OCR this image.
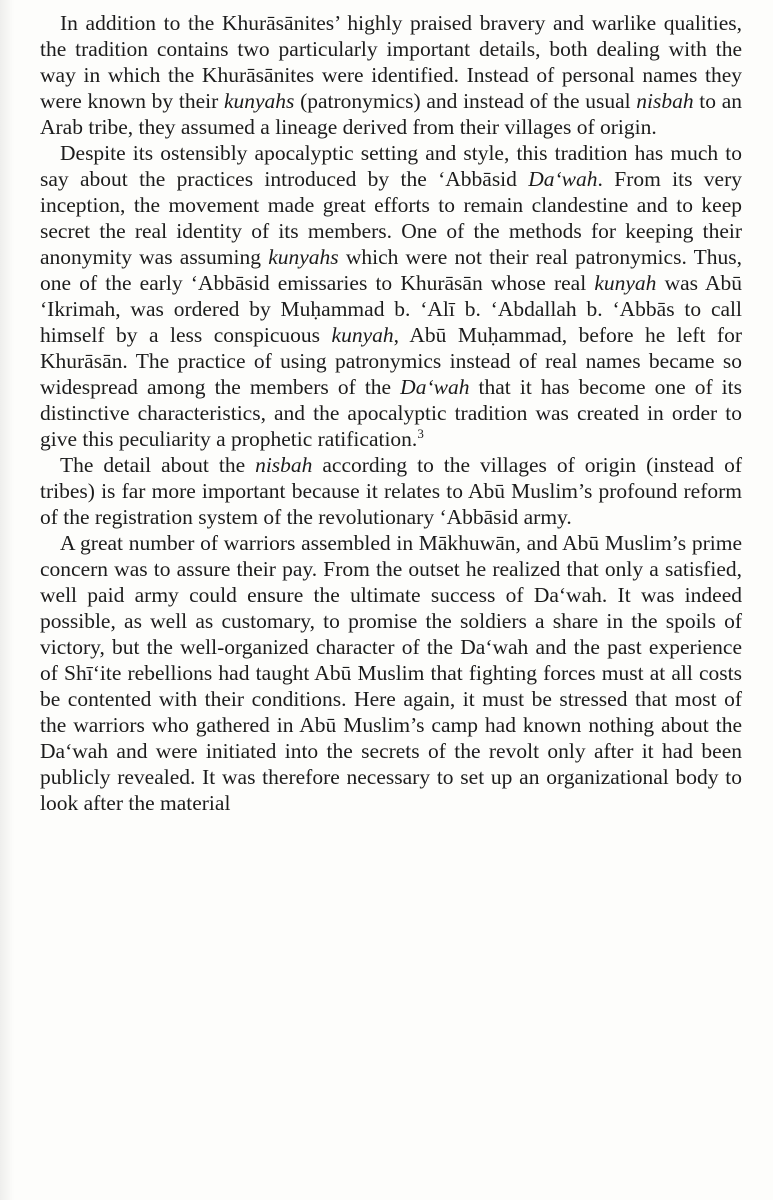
In addition to the Khurāsānites’ highly praised bravery and warlike qualities, the tradition contains two particularly important details, both dealing with the way in which the Khurāsānites were identified. Instead of personal names they were known by their kunyahs (patronymics) and instead of the usual nisbah to an Arab tribe, they assumed a lineage derived from their villages of origin.

Despite its ostensibly apocalyptic setting and style, this tradition has much to say about the practices introduced by the ‘Abbāsid Da‘wah. From its very inception, the movement made great efforts to remain clandestine and to keep secret the real identity of its members. One of the methods for keeping their anonymity was assuming kunyahs which were not their real patronymics. Thus, one of the early ‘Abbāsid emissaries to Khurāsān whose real kunyah was Abū ‘Ikrimah, was ordered by Muḥammad b. ‘Alī b. ‘Abdallah b. ‘Abbās to call himself by a less conspicuous kunyah, Abū Muḥammad, before he left for Khurāsān. The practice of using patronymics instead of real names became so widespread among the members of the Da‘wah that it has become one of its distinctive characteristics, and the apocalyptic tradition was created in order to give this peculiarity a prophetic ratification.$^3$

The detail about the nisbah according to the villages of origin (instead of tribes) is far more important because it relates to Abū Muslim’s profound reform of the registration system of the revolutionary ‘Abbāsid army.

A great number of warriors assembled in Mākhuwān, and Abū Muslim’s prime concern was to assure their pay. From the outset he realized that only a satisfied, well paid army could ensure the ultimate success of Da‘wah. It was indeed possible, as well as customary, to promise the soldiers a share in the spoils of victory, but the well-organized character of the Da‘wah and the past experience of Shī‘ite rebellions had taught Abū Muslim that fighting forces must at all costs be contented with their conditions. Here again, it must be stressed that most of the warriors who gathered in Abū Muslim’s camp had known nothing about the Da‘wah and were initiated into the secrets of the revolt only after it had been publicly revealed. It was therefore necessary to set up an organizational body to look after the material
